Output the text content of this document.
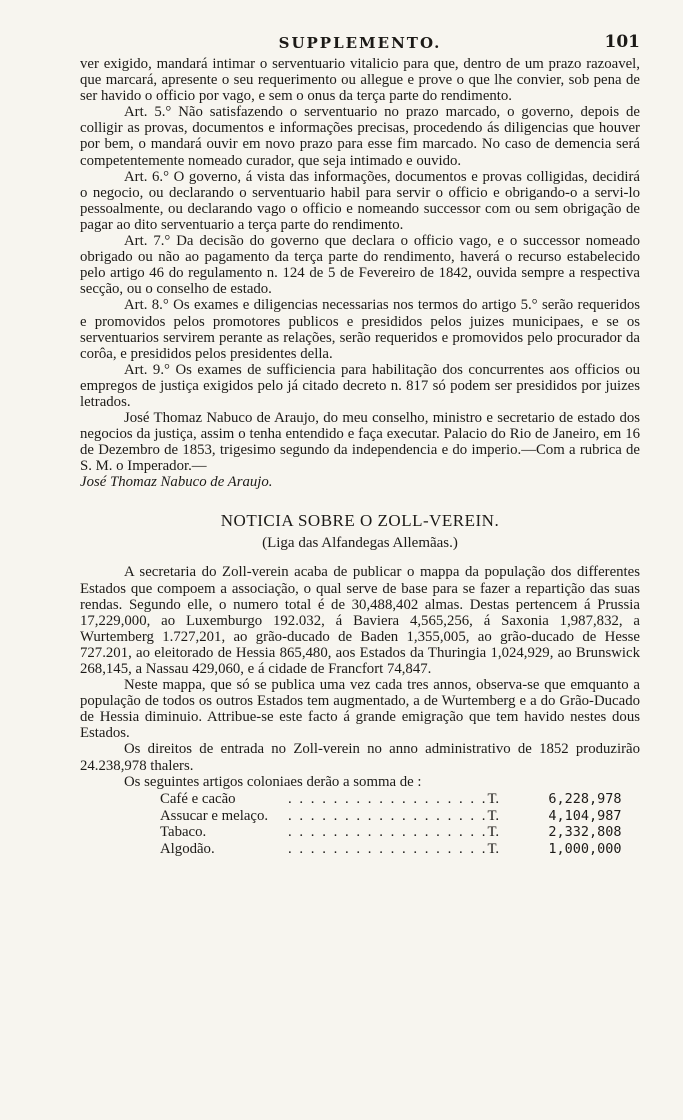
SUPPLEMENTO.	101

ver exigido, mandará intimar o serventuario vitalicio para que, dentro de um prazo razoavel, que marcará, apresente o seu requerimento ou allegue e prove o que lhe convier, sob pena de ser havido o officio por vago, e sem o onus da terça parte do rendimento.

Art. 5.° Não satisfazendo o serventuario no prazo marcado, o governo, depois de colligir as provas, documentos e informações precisas, procedendo ás diligencias que houver por bem, o mandará ouvir em novo prazo para esse fim marcado. No caso de demencia será competentemente nomeado curador, que seja intimado e ouvido.

Art. 6.° O governo, á vista das informações, documentos e provas colligidas, decidirá o negocio, ou declarando o serventuario habil para servir o officio e obrigando-o a servi-lo pessoalmente, ou declarando vago o officio e nomeando successor com ou sem obrigação de pagar ao dito serventuario a terça parte do rendimento.

Art. 7.° Da decisão do governo que declara o officio vago, e o successor nomeado obrigado ou não ao pagamento da terça parte do rendimento, haverá o recurso estabelecido pelo artigo 46 do regulamento n. 124 de 5 de Fevereiro de 1842, ouvida sempre a respectiva secção, ou o conselho de estado.

Art. 8.° Os exames e diligencias necessarias nos termos do artigo 5.° serão requeridos e promovidos pelos promotores publicos e presididos pelos juizes municipaes, e se os serventuarios servirem perante as relações, serão requeridos e promovidos pelo procurador da corôa, e presididos pelos presidentes della.

Art. 9.° Os exames de sufficiencia para habilitação dos concurrentes aos officios ou empregos de justiça exigidos pelo já citado decreto n. 817 só podem ser presididos por juizes letrados.

José Thomaz Nabuco de Araujo, do meu conselho, ministro e secretario de estado dos negocios da justiça, assim o tenha entendido e faça executar. Palacio do Rio de Janeiro, em 16 de Dezembro de 1853, trigesimo segundo da independencia e do imperio.—Com a rubrica de S. M. o Imperador.—

José Thomaz Nabuco de Araujo.

NOTICIA SOBRE O ZOLL-VEREIN.
(Liga das Alfandegas Allemãas.)

A secretaria do Zoll-verein acaba de publicar o mappa da população dos differentes Estados que compoem a associação, o qual serve de base para se fazer a repartição das suas rendas. Segundo elle, o numero total é de 30,488,402 almas. Destas pertencem á Prussia 17,229,000, ao Luxemburgo 192.032, á Baviera 4,565,256, á Saxonia 1,987,832, a Wurtemberg 1.727,201, ao grão-ducado de Baden 1,355,005, ao grão-ducado de Hesse 727.201, ao eleitorado de Hessia 865,480, aos Estados da Thuringia 1,024,929, ao Brunswick 268,145, a Nassau 429,060, e á cidade de Francfort 74,847.

Neste mappa, que só se publica uma vez cada tres annos, observa-se que emquanto a população de todos os outros Estados tem augmentado, a de Wurtemberg e a do Grão-Ducado de Hessia diminuio. Attribue-se este facto á grande emigração que tem havido nestes dous Estados.

Os direitos de entrada no Zoll-verein no anno administrativo de 1852 produzirão 24.238,978 thalers.

Os seguintes artigos coloniaes derão a somma de :

Café e cacão	. . . . . . . . . . . . . . . . . .	T.	6,228,978
Assucar e melaço.	. . . . . . . . . . . . . . . . . .	T.	4,104,987
Tabaco.	. . . . . . . . . . . . . . . . . .	T.	2,332,808
Algodão.	. . . . . . . . . . . . . . . . . .	T.	1,000,000
